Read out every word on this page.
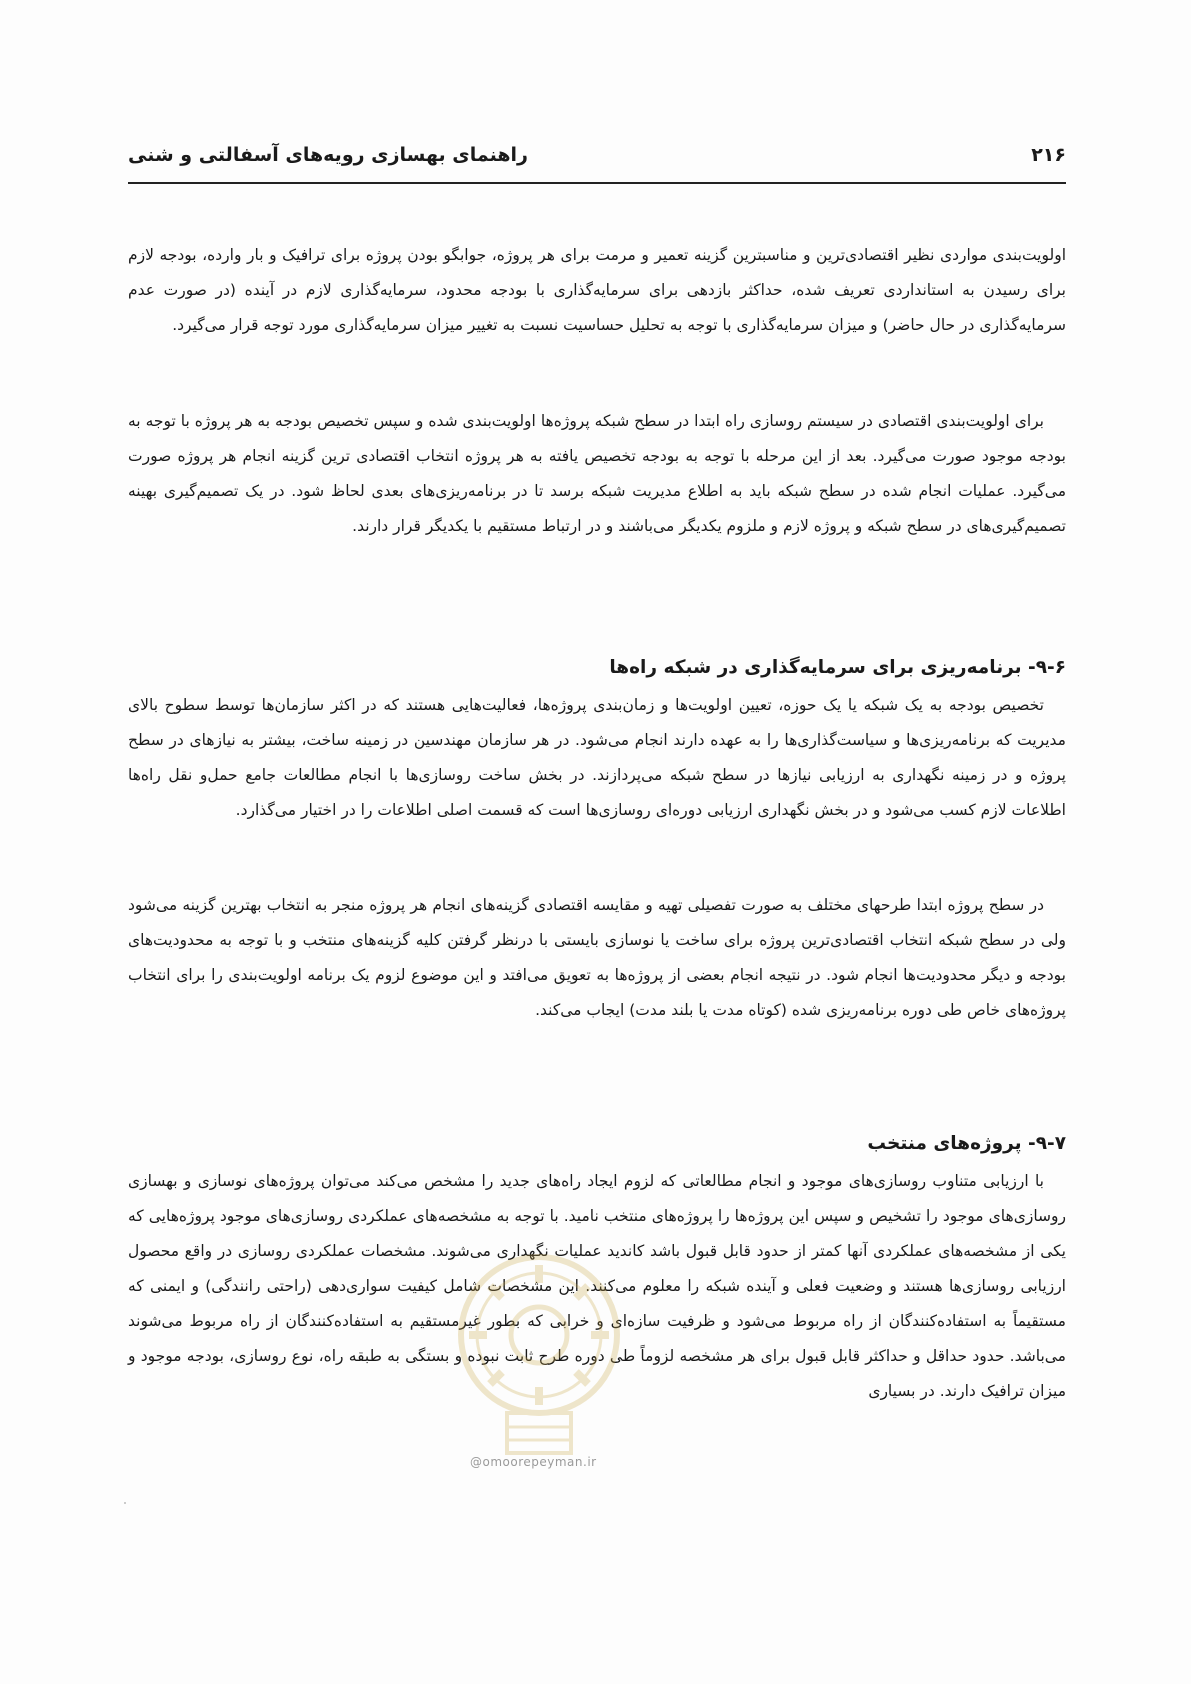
۲۱۶
راهنمای بهسازی رویه‌های آسفالتی و شنی

اولویت‌بندی مواردی نظیر اقتصادی‌ترین و مناسبترین گزینه تعمیر و مرمت برای هر پروژه، جوابگو بودن پروژه برای ترافیک و بار وارده، بودجه لازم برای رسیدن به استانداردی تعریف شده، حداکثر بازدهی برای سرمایه‌گذاری با بودجه محدود، سرمایه‌گذاری لازم در آینده (در صورت عدم سرمایه‌گذاری در حال حاضر) و میزان سرمایه‌گذاری با توجه به تحلیل حساسیت نسبت به تغییر میزان سرمایه‌گذاری مورد توجه قرار می‌گیرد.

برای اولویت‌بندی اقتصادی در سیستم روسازی راه ابتدا در سطح شبکه پروژه‌ها اولویت‌بندی شده و سپس تخصیص بودجه به هر پروژه با توجه به بودجه موجود صورت می‌گیرد. بعد از این مرحله با توجه به بودجه تخصیص یافته به هر پروژه انتخاب اقتصادی ترین گزینه انجام هر پروژه صورت می‌گیرد. عملیات انجام شده در سطح شبکه باید به اطلاع مدیریت شبکه برسد تا در برنامه‌ریزی‌های بعدی لحاظ شود. در یک تصمیم‌گیری بهینه تصمیم‌گیری‌های در سطح شبکه و پروژه لازم و ملزوم یکدیگر می‌باشند و در ارتباط مستقیم با یکدیگر قرار دارند.

۹-۶- برنامه‌ریزی برای سرمایه‌گذاری در شبکه راه‌ها

تخصیص بودجه به یک شبکه یا یک حوزه، تعیین اولویت‌ها و زمان‌بندی پروژه‌ها، فعالیت‌هایی هستند که در اکثر سازمان‌ها توسط سطوح بالای مدیریت که برنامه‌ریزی‌ها و سیاست‌گذاری‌ها را به عهده دارند انجام می‌شود. در هر سازمان مهندسین در زمینه ساخت، بیشتر به نیازهای در سطح پروژه و در زمینه نگهداری به ارزیابی نیازها در سطح شبکه می‌پردازند. در بخش ساخت روسازی‌ها با انجام مطالعات جامع حمل‌و نقل راه‌ها اطلاعات لازم کسب می‌شود و در بخش نگهداری ارزیابی دوره‌ای روسازی‌ها است که قسمت اصلی اطلاعات را در اختیار می‌گذارد.

در سطح پروژه ابتدا طرحهای مختلف به صورت تفصیلی تهیه و مقایسه اقتصادی گزینه‌های انجام هر پروژه منجر به انتخاب بهترین گزینه می‌شود ولی در سطح شبکه انتخاب اقتصادی‌ترین پروژه برای ساخت یا نوسازی بایستی با درنظر گرفتن کلیه گزینه‌های منتخب و با توجه به محدودیت‌های بودجه و دیگر محدودیت‌ها انجام شود. در نتیجه انجام بعضی از پروژه‌ها به تعویق می‌افتد و این موضوع لزوم یک برنامه اولویت‌بندی را برای انتخاب پروژه‌های خاص طی دوره برنامه‌ریزی شده (کوتاه مدت یا بلند مدت) ایجاب می‌کند.

۹-۷- پروژه‌های منتخب

با ارزیابی متناوب روسازی‌های موجود و انجام مطالعاتی که لزوم ایجاد راه‌های جدید را مشخص می‌کند می‌توان پروژه‌های نوسازی و بهسازی روسازی‌های موجود را تشخیص و سپس این پروژه‌ها را پروژه‌های منتخب نامید. با توجه به مشخصه‌های عملکردی روسازی‌های موجود پروژه‌هایی که یکی از مشخصه‌های عملکردی آنها کمتر از حدود قابل قبول باشد کاندید عملیات نگهداری می‌شوند. مشخصات عملکردی روسازی در واقع محصول ارزیابی روسازی‌ها هستند و وضعیت فعلی و آینده شبکه را معلوم می‌کنند. این مشخصات شامل کیفیت سواری‌دهی (راحتی رانندگی) و ایمنی که مستقیماً به استفاده‌کنندگان از راه مربوط می‌شود و ظرفیت سازه‌ای و خرابی که بطور غیرمستقیم به استفاده‌کنندگان از راه مربوط می‌شوند می‌باشد. حدود حداقل و حداکثر قابل قبول برای هر مشخصه لزوماً طی دوره طرح ثابت نبوده و بستگی به طبقه راه، نوع روسازی، بودجه موجود و میزان ترافیک دارند. در بسیاری

@omoorepeyman.ir
